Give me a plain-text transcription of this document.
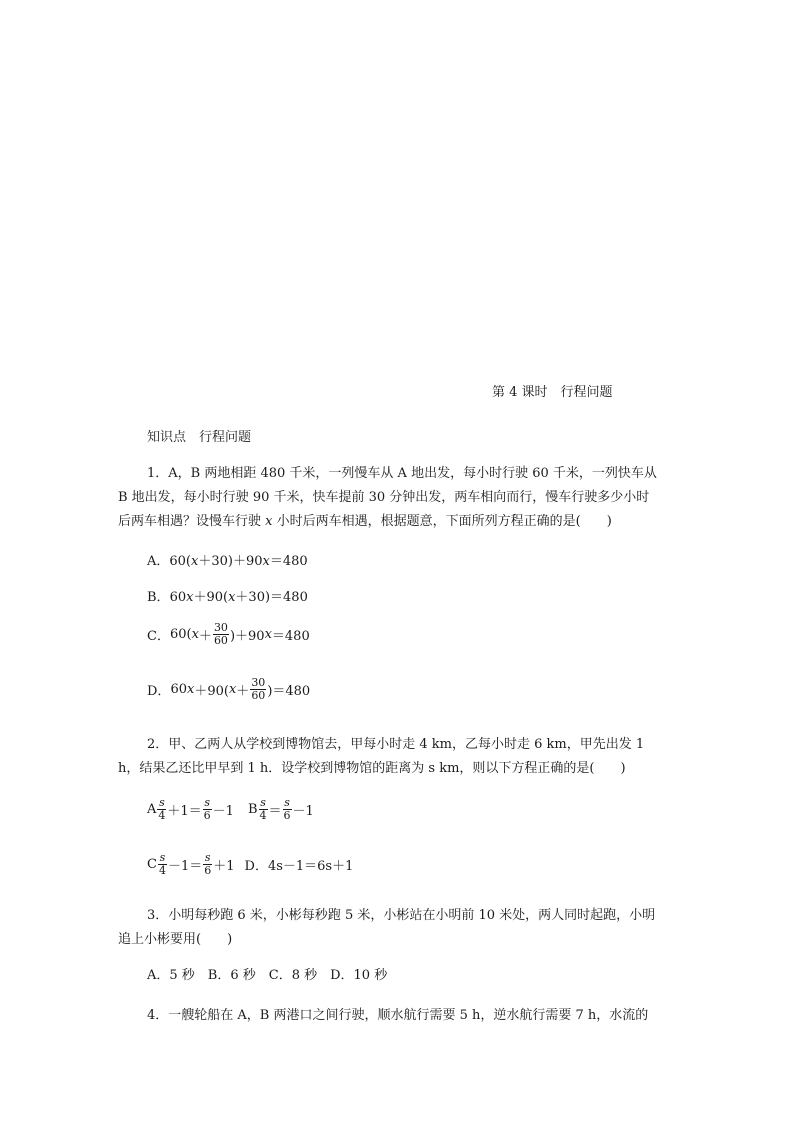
第 4 课时　行程问题
知识点　行程问题
1．A，B 两地相距 480 千米，一列慢车从 A 地出发，每小时行驶 60 千米，一列快车从
B 地出发，每小时行驶 90 千米，快车提前 30 分钟出发，两车相向而行，慢车行驶多少小时
后两车相遇？设慢车行驶 x 小时后两车相遇，根据题意，下面所列方程正确的是(　　)
A．60(x＋30)＋90x＝480
B．60x＋90(x＋30)＝480
C． 60( $x + \frac{30}{60} )+90$ x ＝480
D． 60 x ＋90( $x + \frac{30}{60} )=480$
2．甲、乙两人从学校到博物馆去，甲每小时走 4 km，乙每小时走 6 km，甲先出发 1
h，结果乙还比甲早到 1 h．设学校到博物馆的距离为 s km，则以下方程正确的是(　　)
A $\frac{s}{4} +1= \frac{s}{6} -1$ B $\frac{s}{4} = \frac{s}{6} -1$
C $\frac{s}{4} -1= \frac{s}{6} +1$ D．4s－1＝6s＋1
3．小明每秒跑 6 米，小彬每秒跑 5 米，小彬站在小明前 10 米处，两人同时起跑，小明
追上小彬要用(　　)
A．5 秒　B．6 秒　C．8 秒　D．10 秒
4．一艘轮船在 A，B 两港口之间行驶，顺水航行需要 5 h，逆水航行需要 7 h，水流的
